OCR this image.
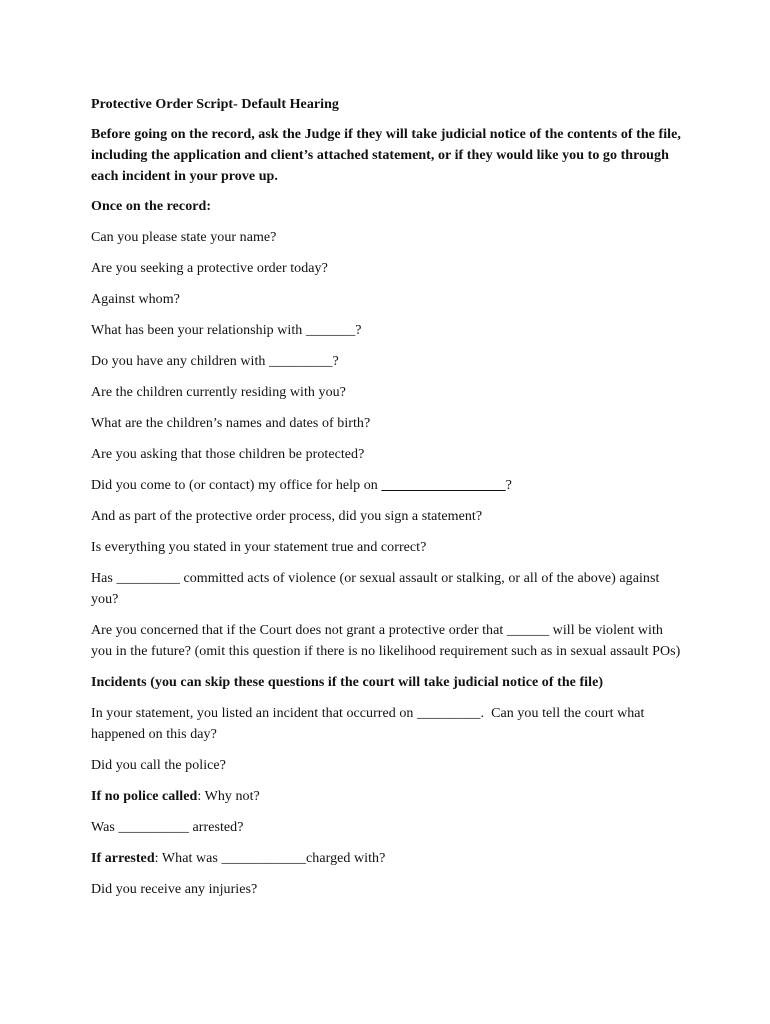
Protective Order Script- Default Hearing

Before going on the record, ask the Judge if they will take judicial notice of the contents of the file, including the application and client’s attached statement, or if they would like you to go through each incident in your prove up.

Once on the record:

Can you please state your name?

Are you seeking a protective order today?

Against whom?

What has been your relationship with _______?

Do you have any children with _________?

Are the children currently residing with you?

What are the children’s names and dates of birth?

Are you asking that those children be protected?

Did you come to (or contact) my office for help on	?

And as part of the protective order process, did you sign a statement?

Is everything you stated in your statement true and correct?

Has _________ committed acts of violence (or sexual assault or stalking, or all of the above) against you?

Are you concerned that if the Court does not grant a protective order that ______ will be violent with you in the future? (omit this question if there is no likelihood requirement such as in sexual assault POs)

Incidents (you can skip these questions if the court will take judicial notice of the file)

In your statement, you listed an incident that occurred on _________.  Can you tell the court what happened on this day?

Did you call the police?

If no police called: Why not?

Was __________ arrested?

If arrested: What was ____________charged with?

Did you receive any injuries?
